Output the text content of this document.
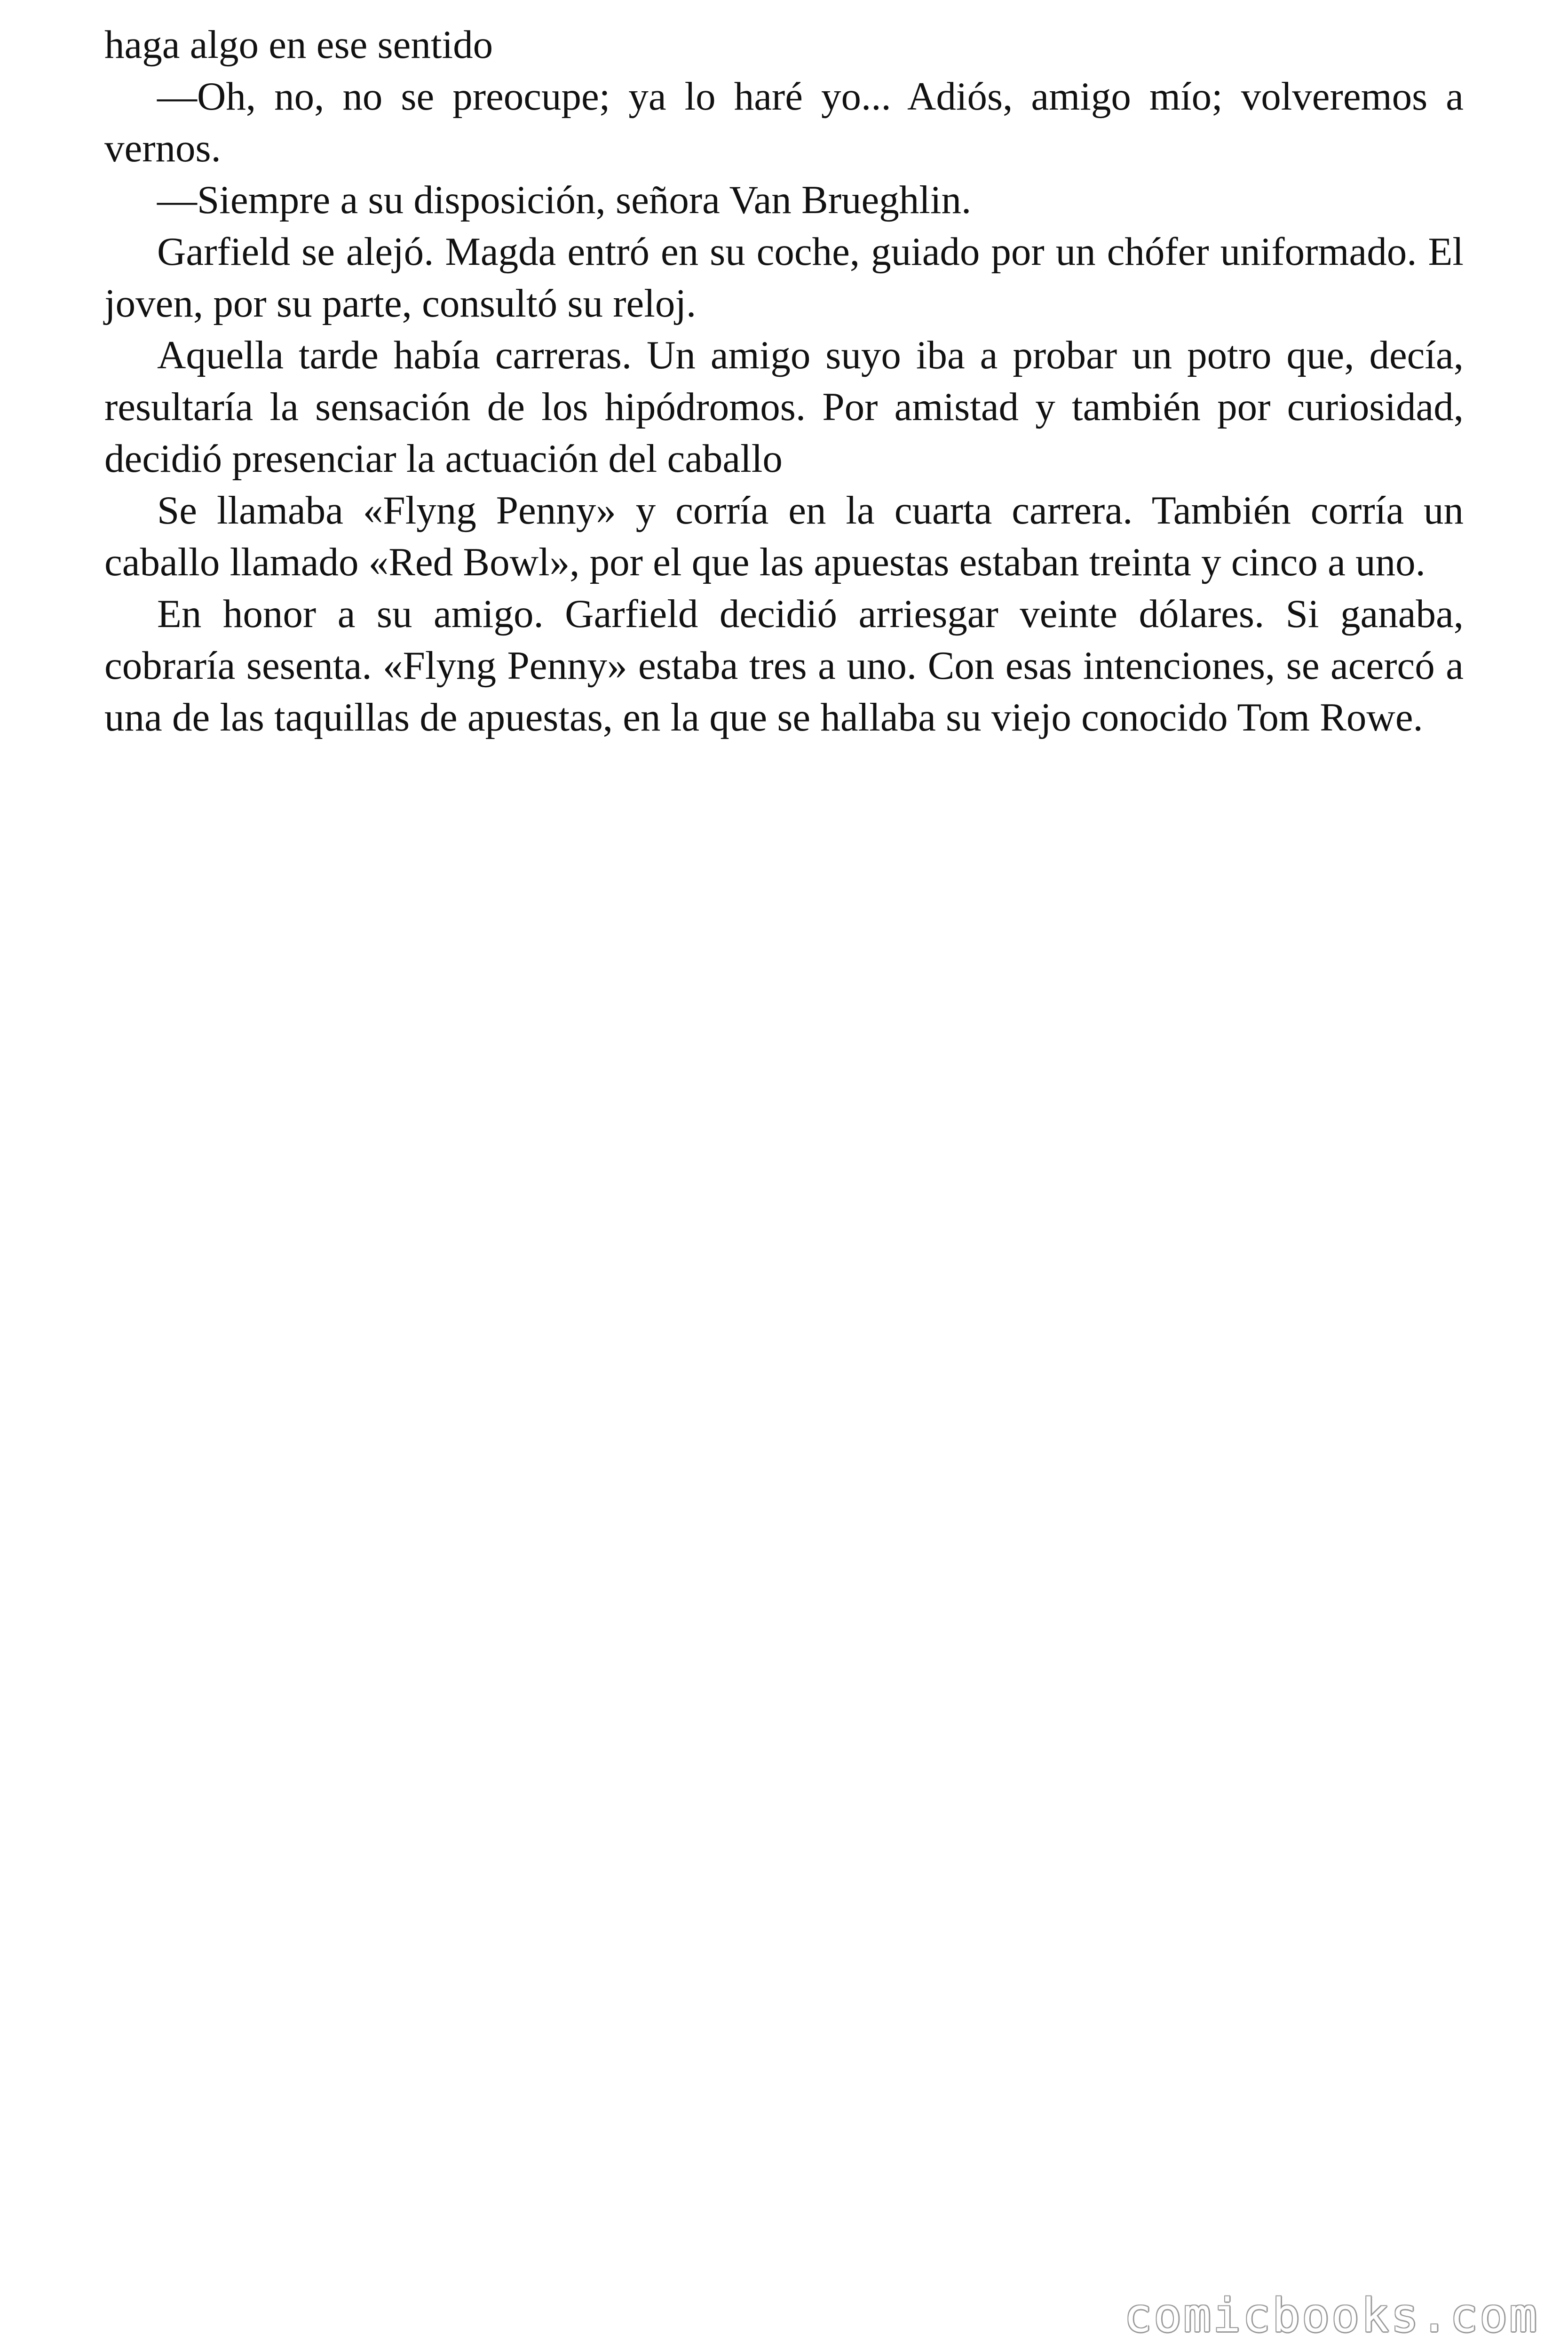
haga algo en ese sentido

—Oh, no, no se preocupe; ya lo haré yo... Adiós, amigo mío; volveremos a vernos.

—Siempre a su disposición, señora Van Brueghlin.

Garfield se alejó. Magda entró en su coche, guiado por un chófer uniformado. El joven, por su parte, consultó su reloj.

Aquella tarde había carreras. Un amigo suyo iba a probar un potro que, decía, resultaría la sensación de los hipódromos. Por amistad y también por curiosidad, decidió presenciar la actuación del caballo

Se llamaba «Flyng Penny» y corría en la cuarta carrera. También corría un caballo llamado «Red Bowl», por el que las apuestas estaban treinta y cinco a uno.

En honor a su amigo. Garfield decidió arriesgar veinte dólares. Si ganaba, cobraría sesenta. «Flyng Penny» estaba tres a uno. Con esas intenciones, se acercó a una de las taquillas de apuestas, en la que se hallaba su viejo conocido Tom Rowe.

comicbooks.com
